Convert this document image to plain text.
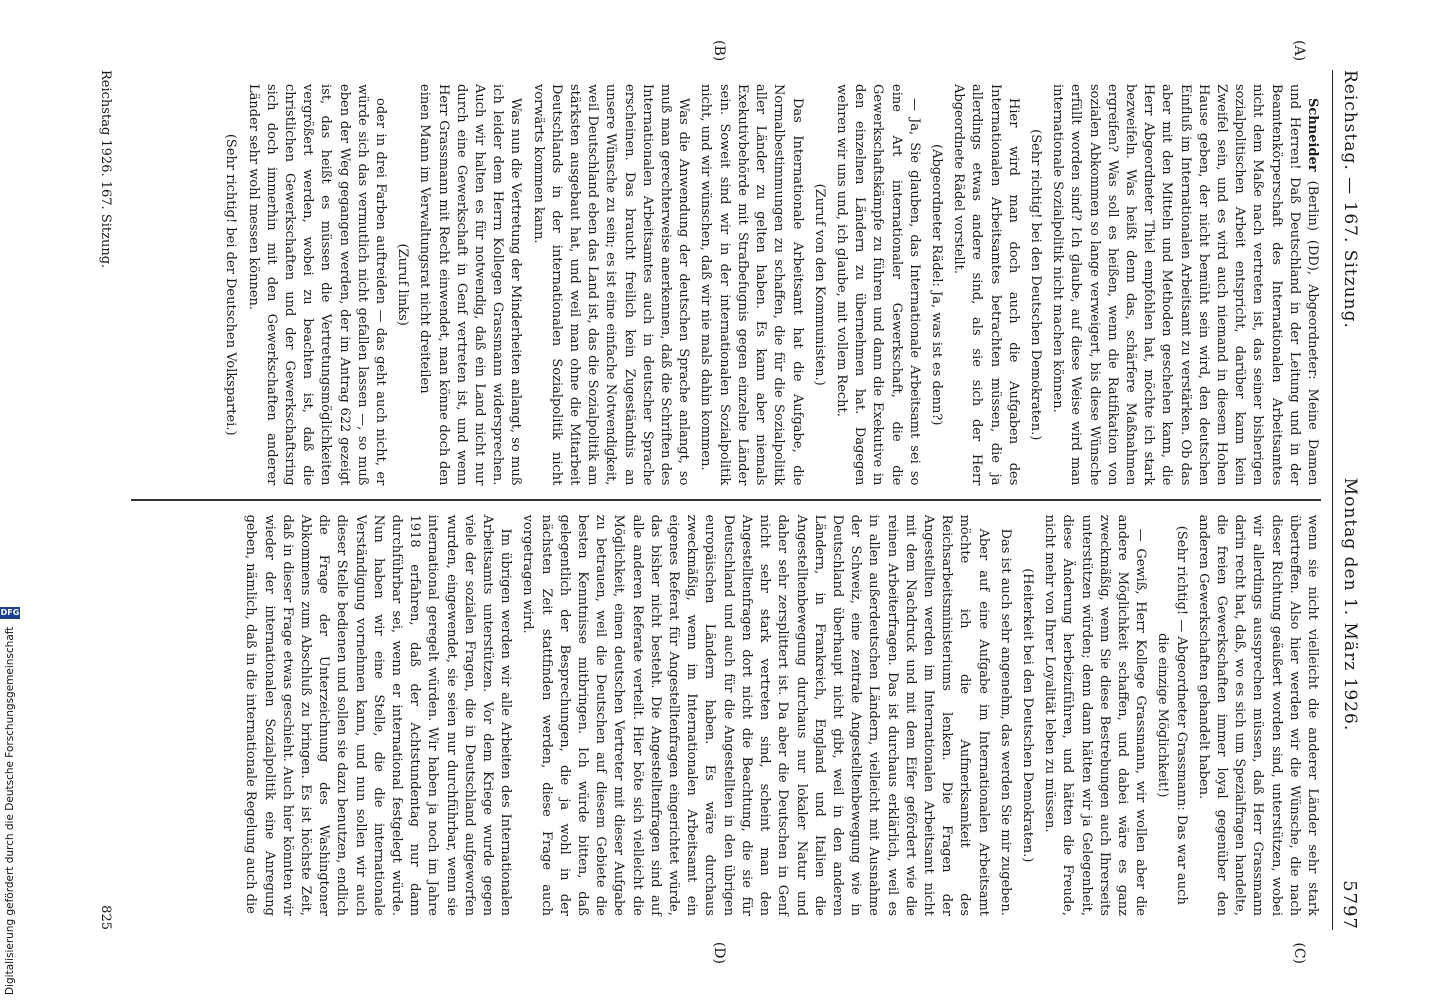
Reichstag. — 167. Sitzung.
Montag den 1. März 1926.
5797
(A)
(B)
(C)
(D)

Schneider (Berlin) (DD), Abgeordneter: Meine Damen und Herren! Daß Deutschland in der Leitung und in der Beamtenkörperschaft des Internationalen Arbeitsamtes nicht dem Maße nach vertreten ist, das seiner bisherigen sozialpolitischen Arbeit entspricht, darüber kann kein Zweifel sein, und es wird auch niemand in diesem Hohen Hause geben, der nicht bemüht sein wird, den deutschen Einfluß im Internationalen Arbeitsamt zu verstärken. Ob das aber mit den Mitteln und Methoden geschehen kann, die Herr Abgeordneter Thiel empfohlen hat, möchte ich stark bezweifeln. Was heißt denn das, schärfere Maßnahmen ergreifen? Was soll es heißen, wenn die Ratifikation von sozialen Abkommen so lange verweigert, bis diese Wünsche erfüllt worden sind? Ich glaube, auf diese Weise wird man internationale Sozialpolitik nicht machen können.

(Sehr richtig! bei den Deutschen Demokraten.)

Hier wird man doch auch die Aufgaben des Internationalen Arbeitsamtes betrachten müssen, die ja allerdings etwas andere sind, als sie sich der Herr Abgeordnete Rädel vorstellt.

(Abgeordneter Rädel: Ja, was ist es denn?)

— Ja, Sie glauben, das Internationale Arbeitsamt sei so eine Art internationaler Gewerkschaft, die die Gewerkschaftskämpfe zu führen und dann die Exekutive in den einzelnen Ländern zu übernehmen hat. Dagegen wehren wir uns und, ich glaube, mit vollem Recht.

(Zuruf von den Kommunisten.)

Das Internationale Arbeitsamt hat die Aufgabe, die Normalbestimmungen zu schaffen, die für die Sozialpolitik aller Länder zu gelten haben. Es kann aber niemals Exekutivbehörde mit Strafbefugnis gegen einzelne Länder sein. Soweit sind wir in der internationalen Sozialpolitik nicht, und wir wünschen, daß wir nie mals dahin kommen.

Was die Anwendung der deutschen Sprache anlangt, so muß man gerechterweise anerkennen, daß die Schriften des Internationalen Arbeitsamtes auch in deutscher Sprache erscheinen. Das braucht freilich kein Zugeständnis an unsere Wünsche zu sein; es ist eine einfache Notwendigkeit, weil Deutschland eben das Land ist, das die Sozialpolitik am stärksten ausgebaut hat, und weil man ohne die Mitarbeit Deutschlands in der internationalen Sozialpolitik nicht vorwärts kommen kann.

Was nun die Vertretung der Minderheiten anlangt, so muß ich leider dem Herrn Kollegen Grassmann widersprechen. Auch wir halten es für notwendig, daß ein Land nicht nur durch eine Gewerkschaft in Genf vertreten ist, und wenn Herr Grassmann mit Recht einwendet, man könne doch den einen Mann im Verwaltungsrat nicht dreiteilen

(Zuruf links)

oder in drei Farben auftreiden — das geht auch nicht, er würde sich das vermutlich nicht gefallen lassen —, so muß eben der Weg gegangen werden, der im Antrag 622 gezeigt ist, das heißt es müssen die Vertretungsmöglichkeiten vergrößert werden, wobei zu beachten ist, daß die christlichen Gewerkschaften und der Gewerkschaftsring sich doch immerhin mit den Gewerkschaften anderer Länder sehr wohl messen können.

(Sehr richtig! bei der Deutschen Volkspartei.)

wenn sie nicht vielleicht die anderer Länder sehr stark übertreffen. Also hier werden wir die Wünsche, die nach dieser Richtung geäußert worden sind, unterstützen, wobei wir allerdings aussprechen müssen, daß Herr Grassmann darin recht hat, daß, wo es sich um Spezialfragen handelte, die freien Gewerkschaften immer loyal gegenüber den anderen Gewerkschaften gehandelt haben.

(Sehr richtig! — Abgeordneter Grassmann: Das war auch die einzige Möglichkeit!)

— Gewiß, Herr Kollege Grassmann, wir wollen aber die andere Möglichkeit schaffen, und dabei wäre es ganz zweckmäßig, wenn Sie diese Bestrebungen auch Ihrerseits unterstützen würden; denn dann hätten wir ja Gelegenheit, diese Änderung herbeizuführen, und hätten die Freude, nicht mehr von Ihrer Loyalität leben zu müssen.

(Heiterkeit bei den Deutschen Demokraten.)

Das ist auch sehr angenehm, das werden Sie mir zugeben.

Aber auf eine Aufgabe im Internationalen Arbeitsamt möchte ich die Aufmerksamkeit des Reichsarbeitsministeriums lenken. Die Fragen der Angestellten werden im Internationalen Arbeitsamt nicht mit dem Nachdruck und mit dem Eifer gefördert wie die reinen Arbeiterfragen. Das ist durchaus erklärlich, weil es in allen außerdeutschen Ländern, vielleicht mit Ausnahme der Schweiz, eine zentrale Angestelltenbewegung wie in Deutschland überhaupt nicht gibt, weil in den anderen Ländern, in Frankreich, England und Italien die Angestelltenbewegung durchaus nur lokaler Natur und daher sehr zersplittert ist. Da aber die Deutschen in Genf nicht sehr stark vertreten sind, scheint man den Angestelltenfragen dort nicht die Beachtung, die sie für Deutschland und auch für die Angestellten in den übrigen europäischen Ländern haben. Es wäre durchaus zweckmäßig, wenn im Internationalen Arbeitsamt ein eigenes Referat für Angestelltenfragen eingerichtet würde, das bisher nicht besteht. Die Angestelltenfragen sind auf alle anderen Referate verteilt. Hier böte sich vielleicht die Möglichkeit, einen deutschen Vertreter mit dieser Aufgabe zu betrauen, weil die Deutschen auf diesem Gebiete die besten Kenntnisse mitbringen. Ich würde bitten, daß gelegentlich der Besprechungen, die ja wohl in der nächsten Zeit stattfinden werden, diese Frage auch vorgetragen wird.

Im übrigen werden wir alle Arbeiten des Internationalen Arbeitsamts unterstützen. Vor dem Kriege wurde gegen viele der sozialen Fragen, die in Deutschland aufgeworfen wurden, eingewendet, sie seien nur durchführbar, wenn sie international geregelt würden. Wir haben ja noch im Jahre 1918 erfahren, daß der Achtstundentag nur dann durchführbar sei, wenn er international festgelegt würde. Nun haben wir eine Stelle, die die internationale Verständigung vornehmen kann, und nun sollen wir auch dieser Stelle bedienen und sollen sie dazu benutzen, endlich die Frage der Unterzeichnung des Washingtoner Abkommens zum Abschluß zu bringen. Es ist höchste Zeit, daß in dieser Frage etwas geschieht. Auch hier könnten wir wieder der internationalen Sozialpolitik eine Anregung geben, nämlich, daß in die internationale Regelung auch die

Reichstag 1926. 167. Sitzung.
825
Digitalisierung gefördert durch die Deutsche Forschungsgemeinschaft
DFG
